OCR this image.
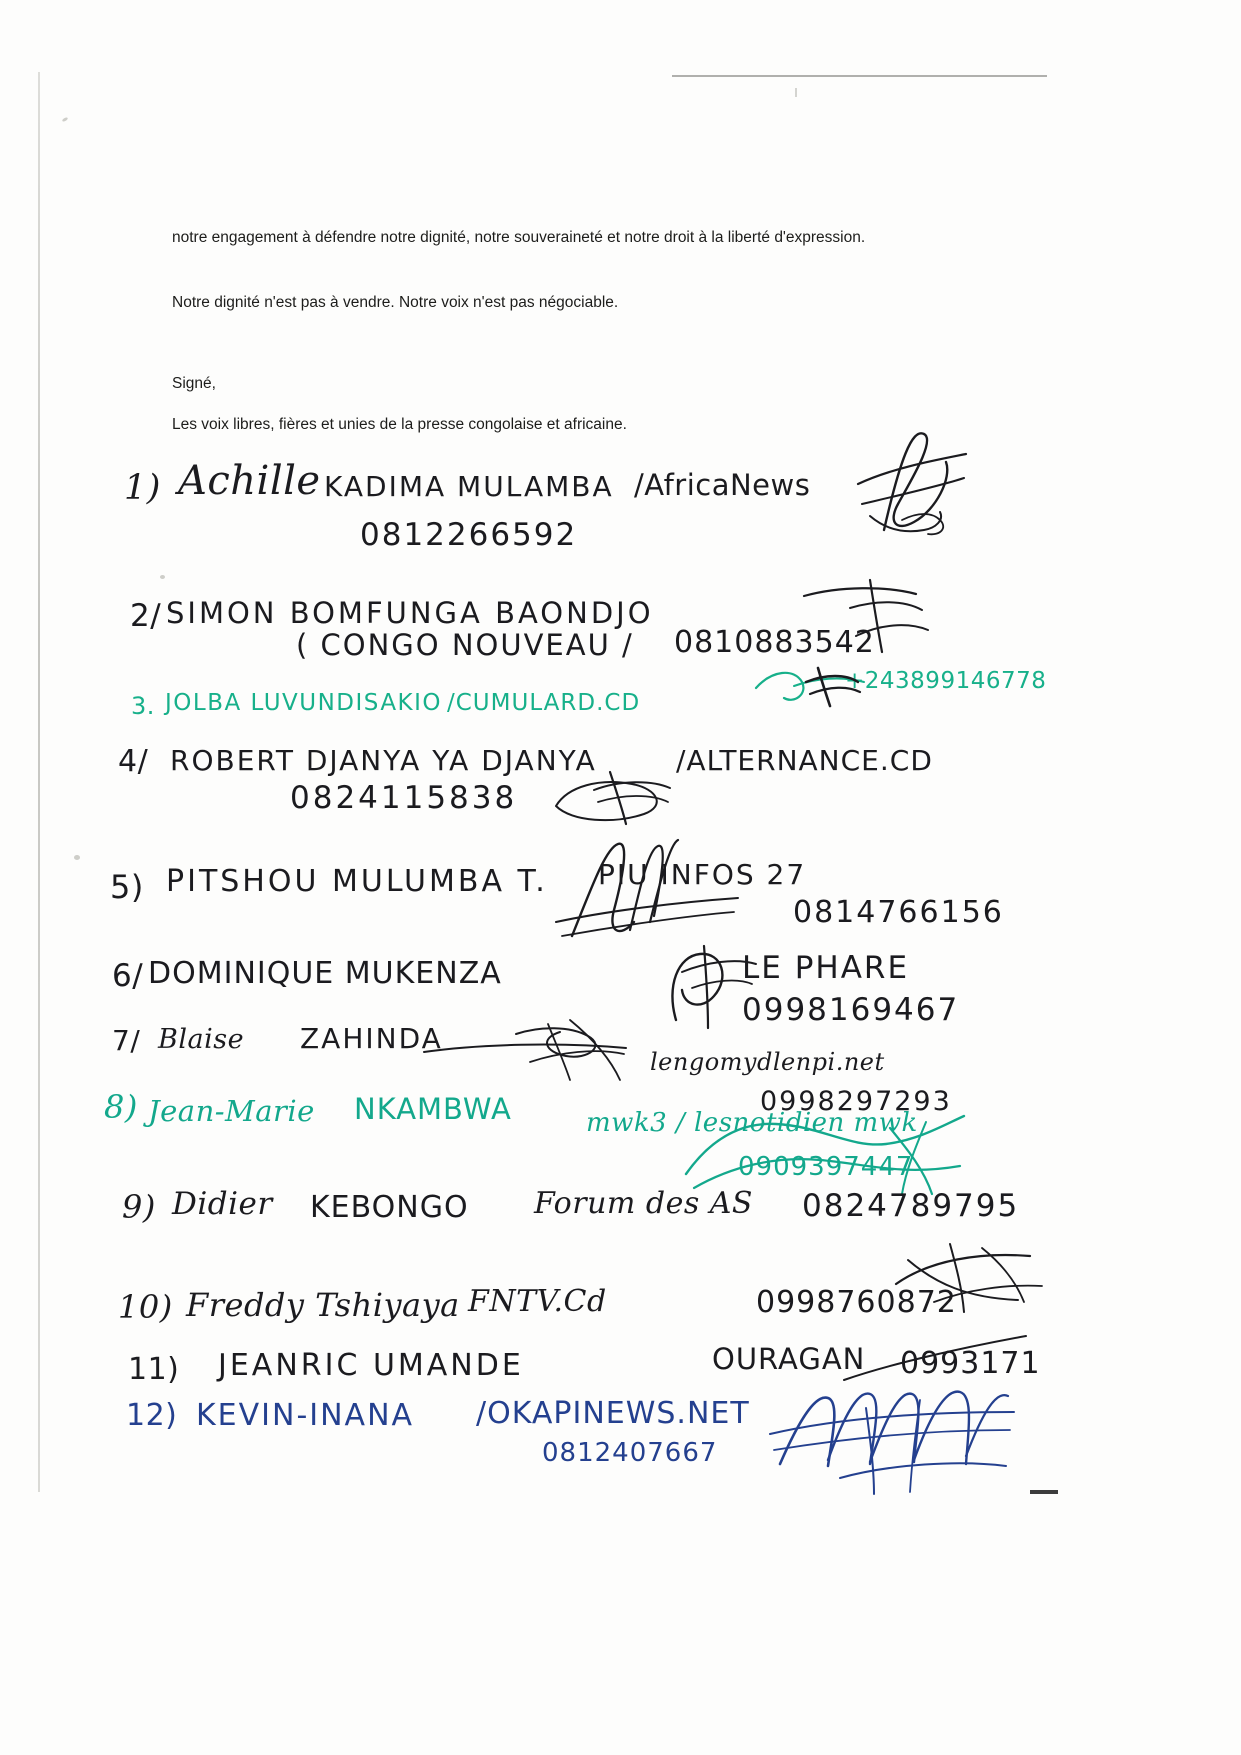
notre engagement à défendre notre dignité, notre souveraineté et notre droit à la liberté d'expression.

Notre dignité n'est pas à vendre. Notre voix n'est pas négociable.

Signé,

Les voix libres, fières et unies de la presse congolaise et africaine.

1) Achille KADIMA MULAMBA /AfricaNews
0812266592
2/ SIMON BOMFUNGA BAONDJO
( CONGO NOUVEAU / 0810883542
3. JOLBA LUVUNDISAKIO /CUMULARD.CD
+243899146778
4/ ROBERT DJANYA YA DJANYA	/ALTERNANCE.CD
0824115838
5) PITSHOU MULUMBA T. PIU INFOS 27
0814766156
6/ DOMINIQUE MUKENZA	LE PHARE
0998169467
7/ Blaise ZAHINDA
lengomydlenpi.net
0998297293
8) Jean-Marie NKAMBWA	mwk3 / lesnotidien mwk
0909397447
9) Didier KEBONGO Forum des AS 0824789795
10) Freddy Tshiyaya FNTV.Cd	0998760872
11) JEANRIC UMANDE	OURAGAN 0993171
12) KEVIN-INANA /OKAPINEWS.NET
0812407667
